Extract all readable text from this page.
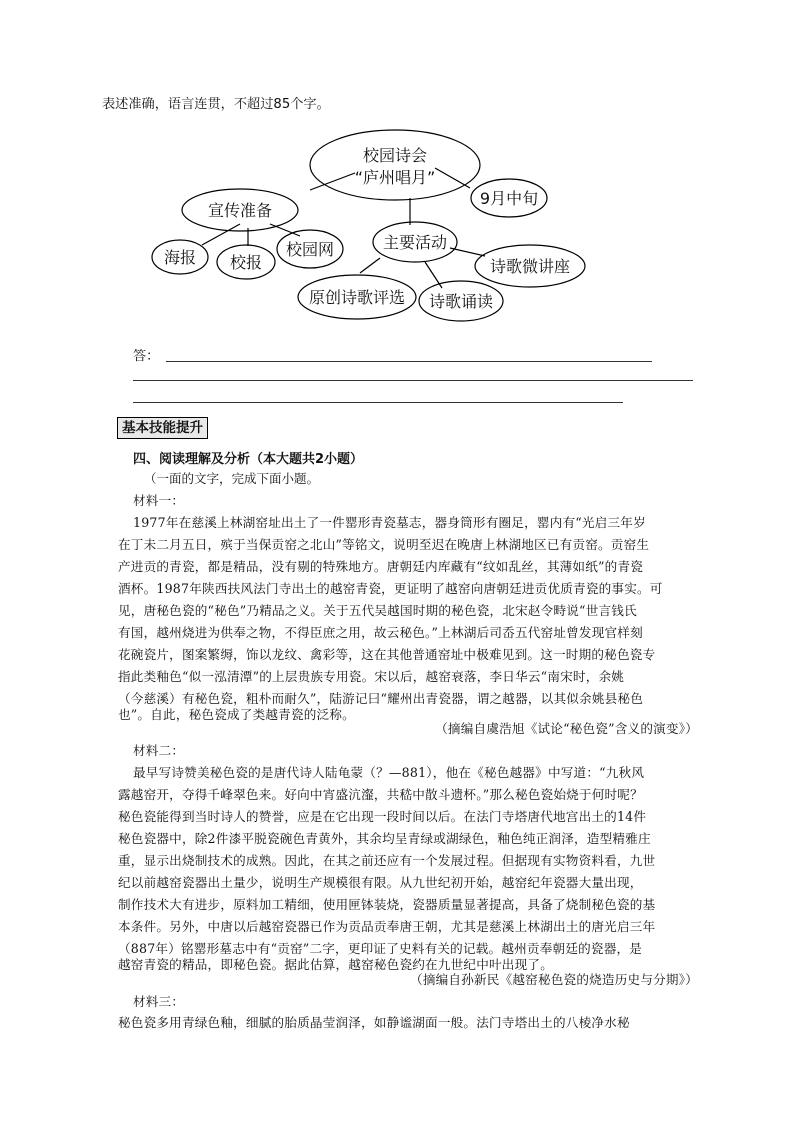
表述准确，语言连贯，不超过85个字。
校园诗会
“庐州唱月”
9月中旬
宣传准备
海报 校报
校园网	主要活动
原创诗歌评选 诗歌诵读
诗歌微讲座
答：
基本技能提升
四、阅读理解及分析（本大题共2小题）
（一面的文字，完成下面小题。
材料一：
1977年在慈溪上林湖窑址出土了一件罂形青瓷墓志，器身筒形有圈足，罂内有“光启三年岁
在丁未二月五日，殡于当保贡窑之北山”等铭文，说明至迟在晚唐上林湖地区已有贡窑。贡窑生
产进贡的青瓷，都是精品，没有剔的特殊地方。唐朝廷内库藏有“纹如乱丝，其薄如纸”的青瓷
酒杯。1987年陕西扶风法门寺出土的越窑青瓷，更证明了越窑向唐朝廷进贡优质青瓷的事实。可
见，唐秘色瓷的“秘色”乃精品之义。关于五代吴越国时期的秘色瓷，北宋赵令畤说“世言钱氏
有国，越州烧进为供奉之物，不得臣庶之用，故云秘色。”上林湖后司岙五代窑址曾发现官样刻
花碗瓷片，图案繁缛，饰以龙纹、禽彩等，这在其他普通窑址中极难见到。这一时期的秘色瓷专
指此类釉色“似一泓清潭”的上层贵族专用瓷。宋以后，越窑衰落，李日华云“南宋时，余姚
（今慈溪）有秘色瓷，粗朴而耐久”，陆游记曰“耀州出青瓷器，谓之越器，以其似余姚县秘色
也”。自此，秘色瓷成了类越青瓷的泛称。
（摘编自虞浩旭《试论“秘色瓷”含义的演变》）
材料二：
最早写诗赞美秘色瓷的是唐代诗人陆龟蒙（？—881），他在《秘色越器》中写道：“九秋风
露越窑开，夺得千峰翠色来。好向中宵盛沆瀣，共嵇中散斗遗杯。”那么秘色瓷始烧于何时呢？
秘色瓷能得到当时诗人的赞誉，应是在它出现一段时间以后。在法门寺塔唐代地宫出土的14件
秘色瓷器中，除2件漆平脱瓷碗色青黄外，其余均呈青绿或湖绿色，釉色纯正润泽，造型精雅庄
重，显示出烧制技术的成熟。因此，在其之前还应有一个发展过程。但据现有实物资料看，九世
纪以前越窑瓷器出土量少，说明生产规模很有限。从九世纪初开始，越窑纪年瓷器大量出现，
制作技术大有进步，原料加工精细，使用匣钵装烧，瓷器质量显著提高，具备了烧制秘色瓷的基
本条件。另外，中唐以后越窑瓷器已作为贡品贡奉唐王朝，尤其是慈溪上林湖出土的唐光启三年
（887年）铭罂形墓志中有“贡窑”二字，更印证了史料有关的记载。越州贡奉朝廷的瓷器，是
越窑青瓷的精品，即秘色瓷。据此估算，越窑秘色瓷约在九世纪中叶出现了。
（摘编自孙新民《越窑秘色瓷的烧造历史与分期》）
材料三：
秘色瓷多用青绿色釉，细腻的胎质晶莹润泽，如静谧湖面一般。法门寺塔出土的八棱净水秘
